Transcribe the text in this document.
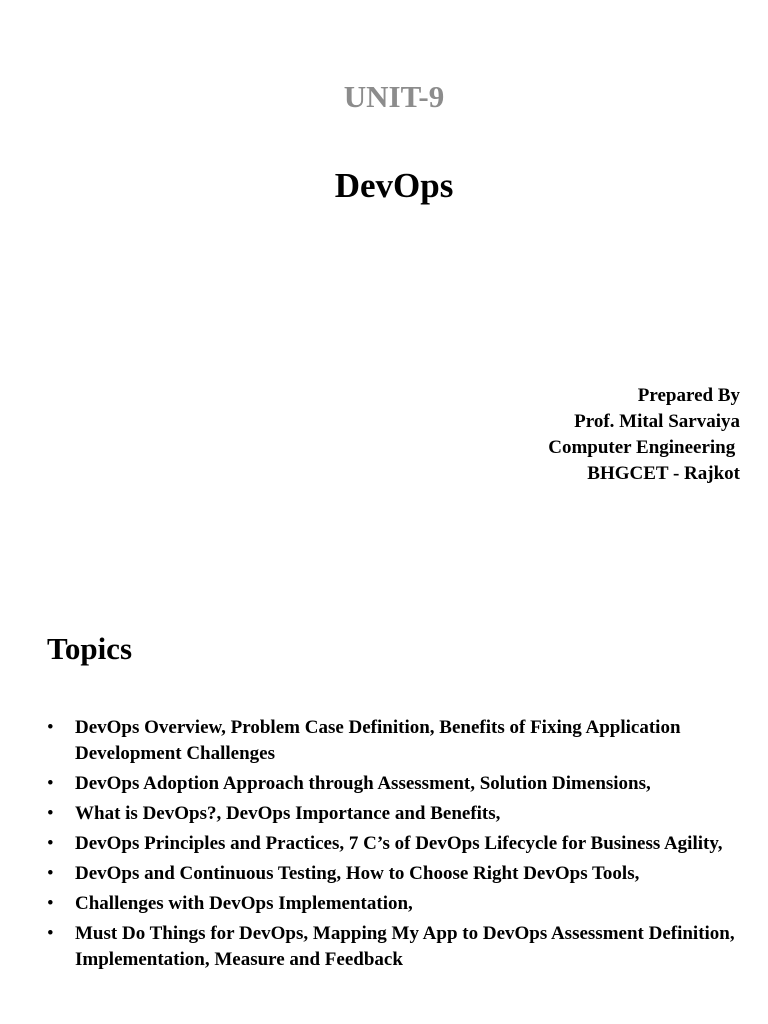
UNIT-9
DevOps
Prepared By
Prof. Mital Sarvaiya
Computer Engineering
BHGCET - Rajkot
Topics
• DevOps Overview, Problem Case Definition, Benefits of Fixing Application Development Challenges
• DevOps Adoption Approach through Assessment, Solution Dimensions,
• What is DevOps?, DevOps Importance and Benefits,
• DevOps Principles and Practices, 7 C’s of DevOps Lifecycle for Business Agility,
• DevOps and Continuous Testing, How to Choose Right DevOps Tools,
• Challenges with DevOps Implementation,
• Must Do Things for DevOps, Mapping My App to DevOps Assessment Definition, Implementation, Measure and Feedback
